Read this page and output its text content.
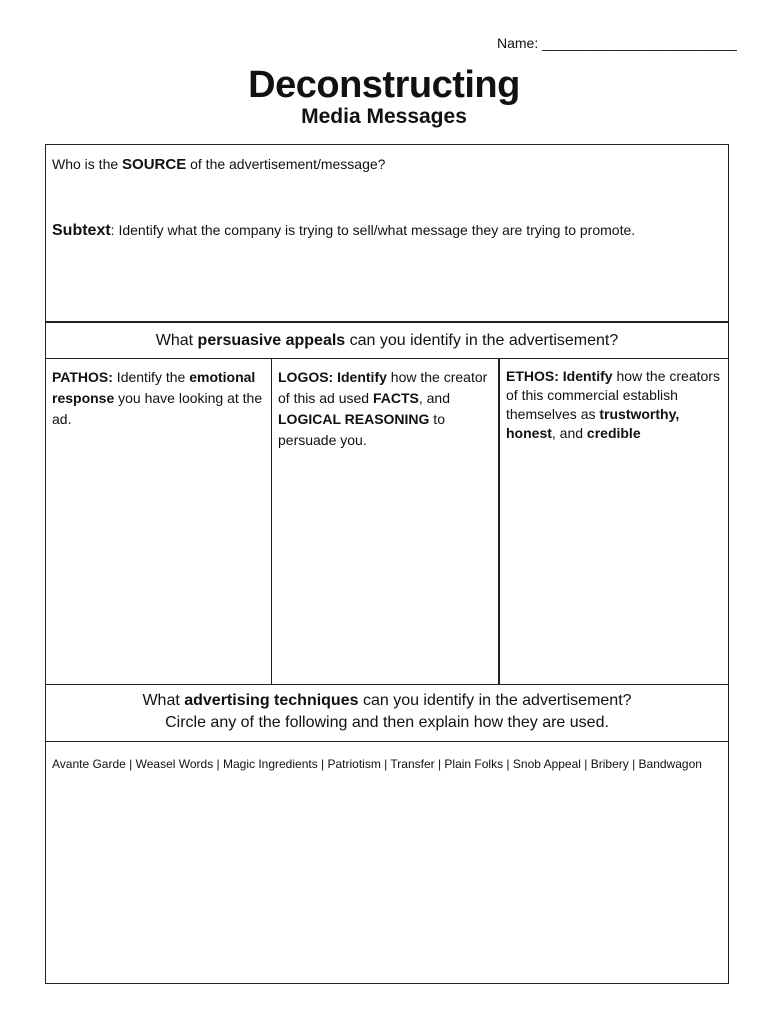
Name: _________________________
Deconstructing
Media Messages
Who is the SOURCE of the advertisement/message?
Subtext: Identify what the company is trying to sell/what message they are trying to promote.
What persuasive appeals can you identify in the advertisement?
PATHOS: Identify the emotional response you have looking at the ad.
LOGOS: Identify how the creator of this ad used FACTS, and LOGICAL REASONING to persuade you.
ETHOS: Identify how the creators of this commercial establish themselves as trustworthy, honest, and credible
What advertising techniques can you identify in the advertisement?
Circle any of the following and then explain how they are used.
Avante Garde | Weasel Words | Magic Ingredients | Patriotism | Transfer | Plain Folks | Snob Appeal | Bribery | Bandwagon
